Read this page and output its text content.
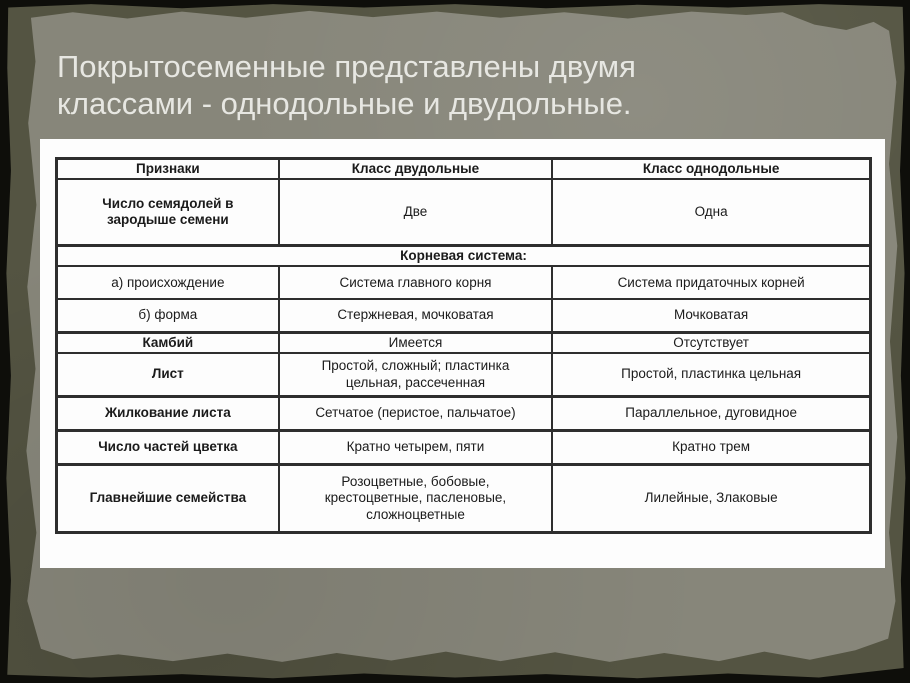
Покрытосеменные представлены двумя
классами - однодольные и двудольные.
Признаки	Класс двудольные	Класс однодольные
Число семядолей в зародыше семени	Две	Одна
Корневая система:		
а) происхождение	Система главного корня	Система придаточных корней
б) форма	Стержневая, мочковатая	Мочковатая
Камбий	Имеется	Отсутствует
Лист	Простой, сложный; пластинка цельная, рассеченная	Простой, пластинка цельная
Жилкование листа	Сетчатое (перистое, пальчатое)	Параллельное, дуговидное
Число частей цветка	Кратно четырем, пяти	Кратно трем
Главнейшие семейства	Розоцветные, бобовые, крестоцветные, пасленовые, сложноцветные	Лилейные, Злаковые
